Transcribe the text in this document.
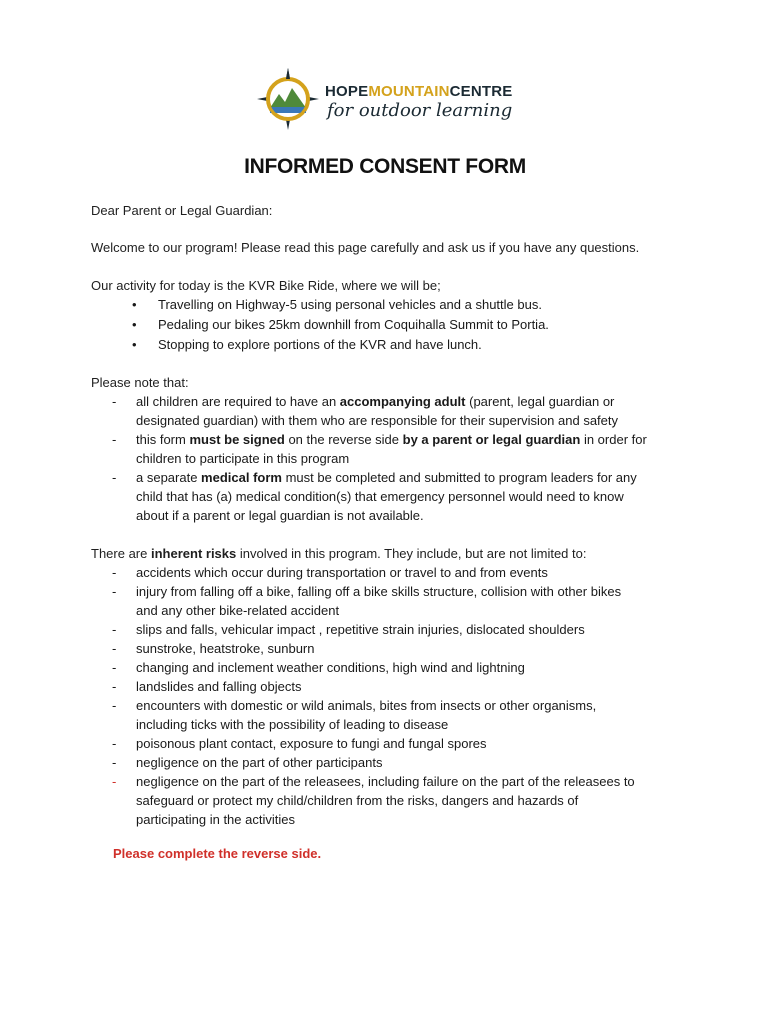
HOPEMOUNTAINCENTRE
for outdoor learning
INFORMED CONSENT FORM
Dear Parent or Legal Guardian:
Welcome to our program! Please read this page carefully and ask us if you have any questions.
Our activity for today is the KVR Bike Ride, where we will be;
• Travelling on Highway-5 using personal vehicles and a shuttle bus.
• Pedaling our bikes 25km downhill from Coquihalla Summit to Portia.
• Stopping to explore portions of the KVR and have lunch.
Please note that:
- all children are required to have an accompanying adult (parent, legal guardian or
designated guardian) with them who are responsible for their supervision and safety
- this form must be signed on the reverse side by a parent or legal guardian in order for
children to participate in this program
- a separate medical form must be completed and submitted to program leaders for any
child that has (a) medical condition(s) that emergency personnel would need to know
about if a parent or legal guardian is not available.
There are inherent risks involved in this program. They include, but are not limited to:
Please complete the reverse side.
- accidents which occur during transportation or travel to and from events
- injury from falling off a bike, falling off a bike skills structure, collision with other bikes
and any other bike-related accident
- slips and falls, vehicular impact , repetitive strain injuries, dislocated shoulders
- sunstroke, heatstroke, sunburn
- changing and inclement weather conditions, high wind and lightning
- landslides and falling objects
- encounters with domestic or wild animals, bites from insects or other organisms,
including ticks with the possibility of leading to disease
- poisonous plant contact, exposure to fungi and fungal spores
- negligence on the part of other participants
- negligence on the part of the releasees, including failure on the part of the releasees to
safeguard or protect my child/children from the risks, dangers and hazards of
participating in the activities
